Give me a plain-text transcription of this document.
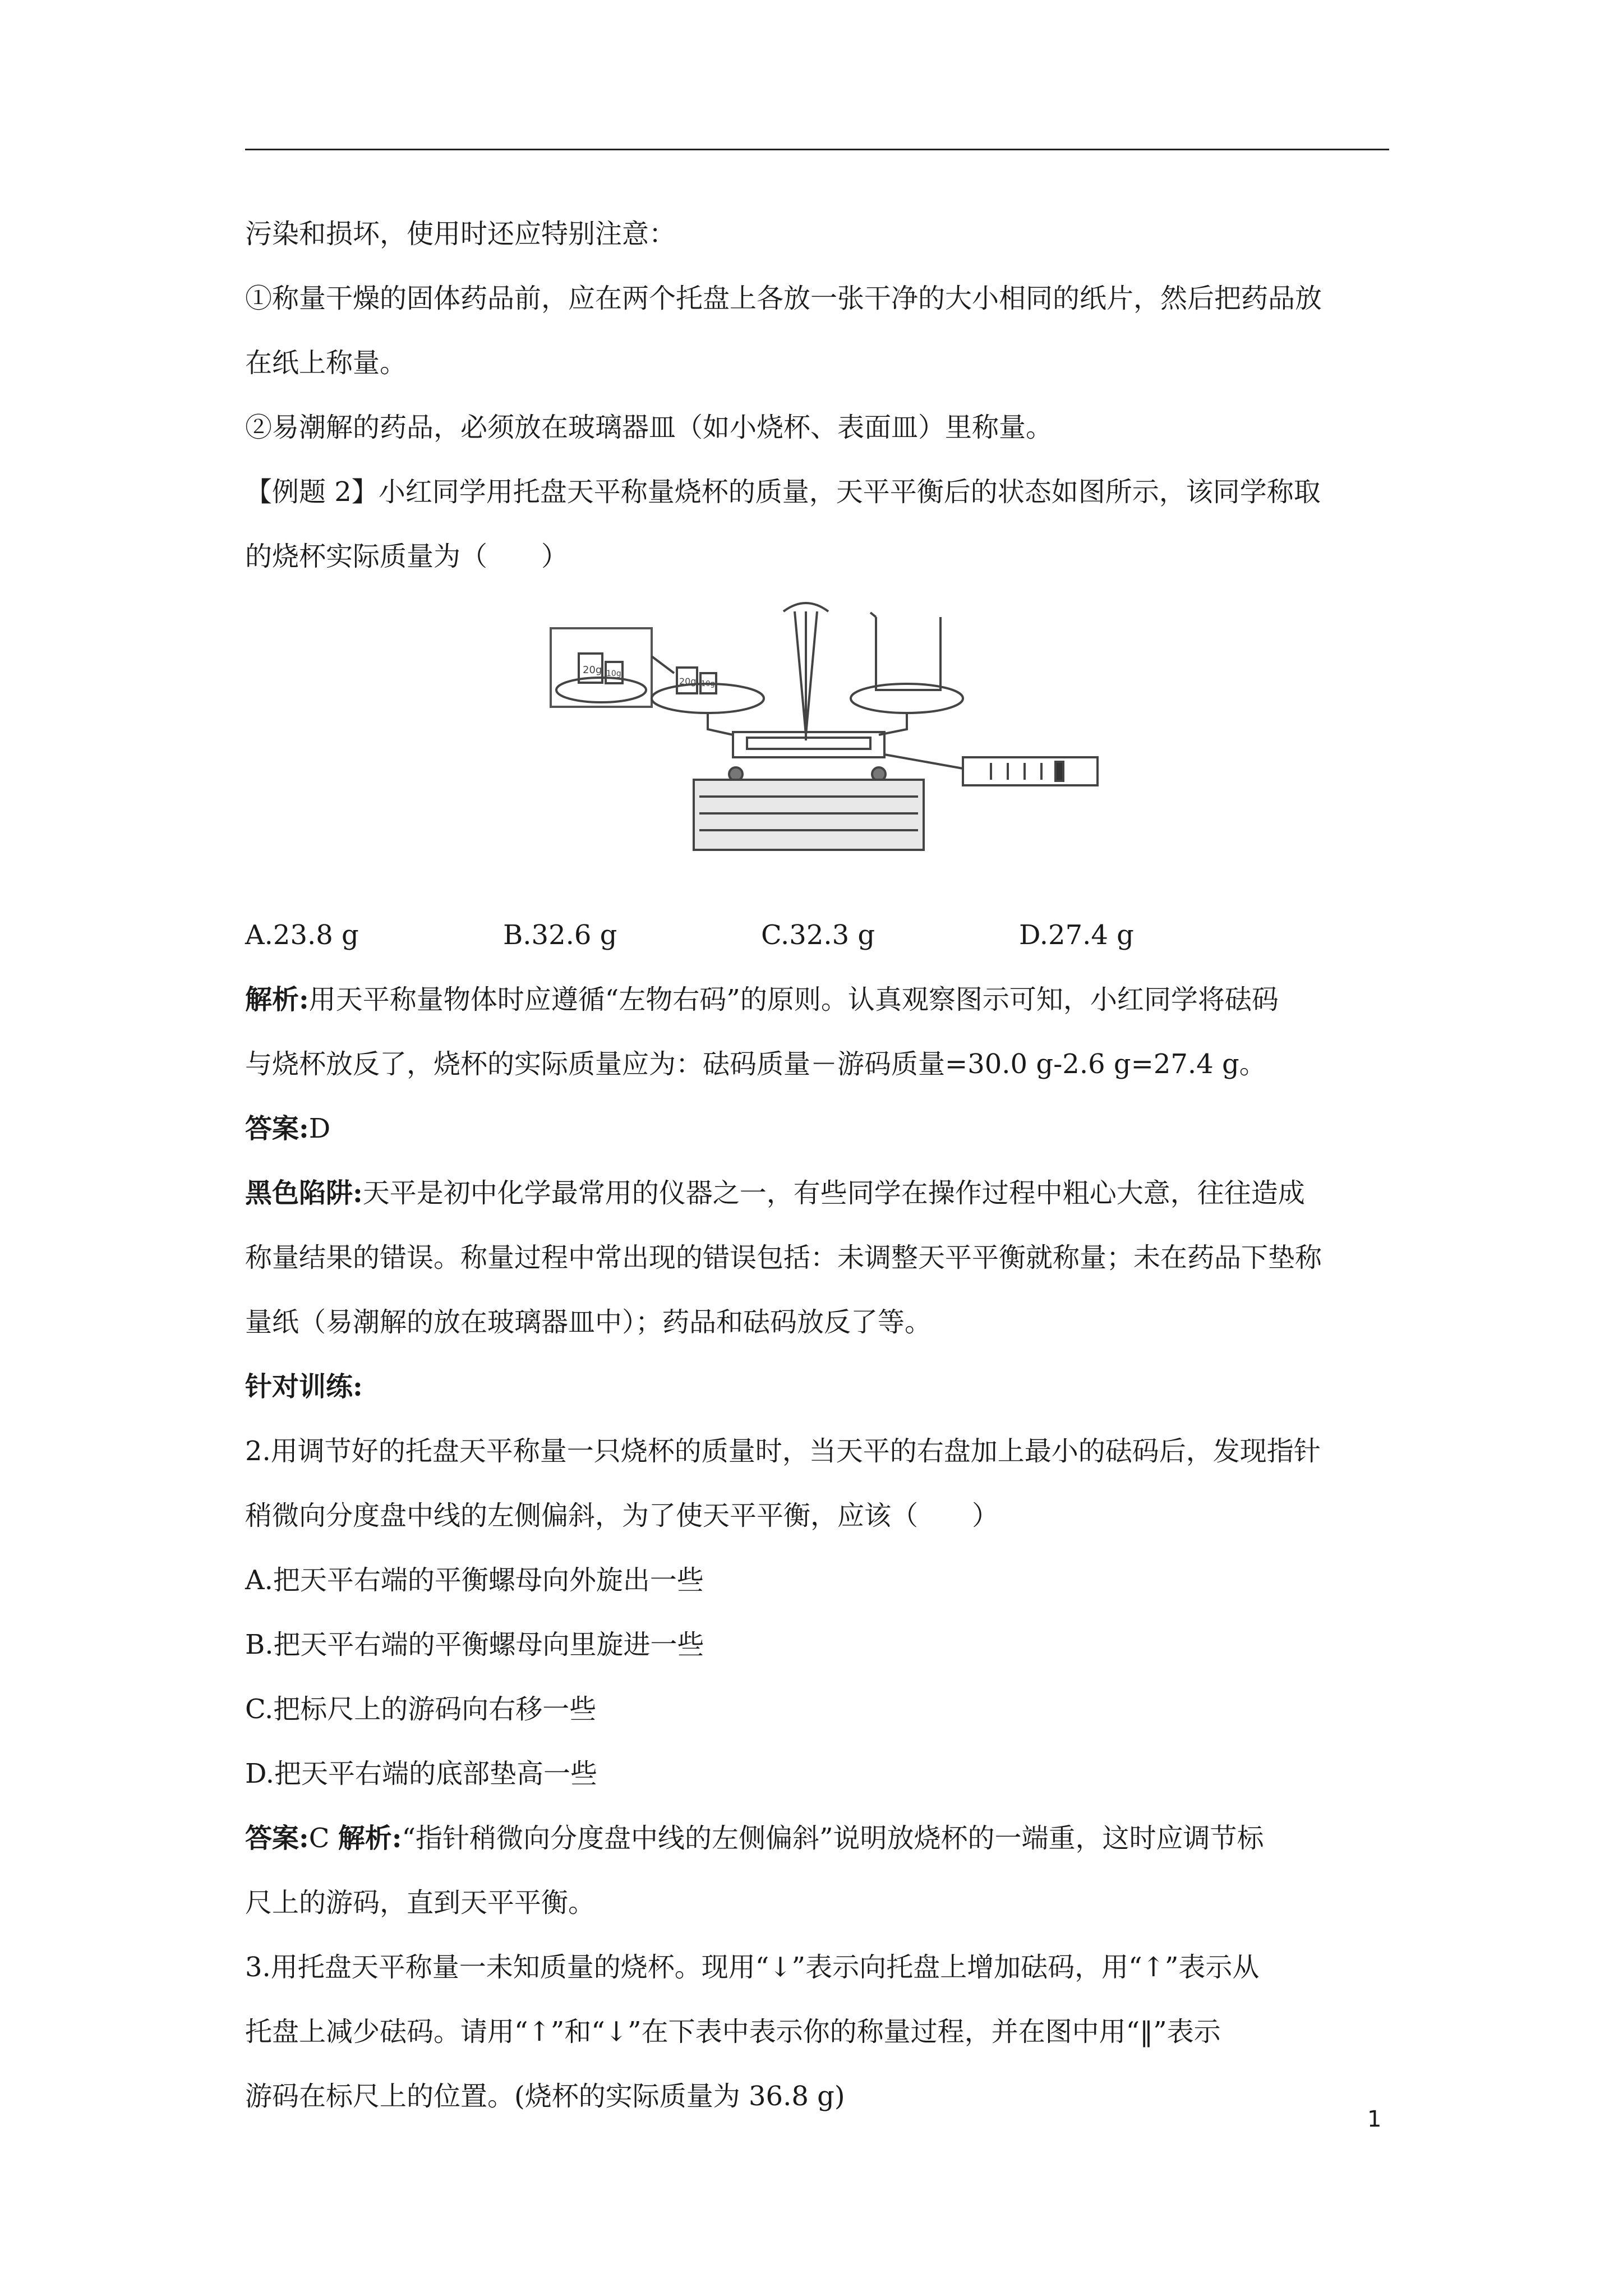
污染和损坏，使用时还应特别注意：
①称量干燥的固体药品前，应在两个托盘上各放一张干净的大小相同的纸片，然后把药品放
在纸上称量。
②易潮解的药品，必须放在玻璃器皿（如小烧杯、表面皿）里称量。
【例题 2】小红同学用托盘天平称量烧杯的质量，天平平衡后的状态如图所示，该同学称取
的烧杯实际质量为（　　）
20g 10g
20g 10g
A.23.8 g	B.32.6 g	C.32.3 g	D.27.4 g
解析:用天平称量物体时应遵循“左物右码”的原则。认真观察图示可知，小红同学将砝码
与烧杯放反了，烧杯的实际质量应为：砝码质量－游码质量=30.0 g-2.6 g=27.4 g。
答案:D
黑色陷阱:天平是初中化学最常用的仪器之一，有些同学在操作过程中粗心大意，往往造成
称量结果的错误。称量过程中常出现的错误包括：未调整天平平衡就称量；未在药品下垫称
量纸（易潮解的放在玻璃器皿中）；药品和砝码放反了等。
针对训练:
2.用调节好的托盘天平称量一只烧杯的质量时，当天平的右盘加上最小的砝码后，发现指针
稍微向分度盘中线的左侧偏斜，为了使天平平衡，应该（　　）
A.把天平右端的平衡螺母向外旋出一些
B.把天平右端的平衡螺母向里旋进一些
C.把标尺上的游码向右移一些
D.把天平右端的底部垫高一些
答案:C 解析:“指针稍微向分度盘中线的左侧偏斜”说明放烧杯的一端重，这时应调节标
尺上的游码，直到天平平衡。
3.用托盘天平称量一未知质量的烧杯。现用“↓”表示向托盘上增加砝码，用“↑”表示从
托盘上减少砝码。请用“↑”和“↓”在下表中表示你的称量过程，并在图中用“‖”表示
游码在标尺上的位置。(烧杯的实际质量为 36.8 g)
1
